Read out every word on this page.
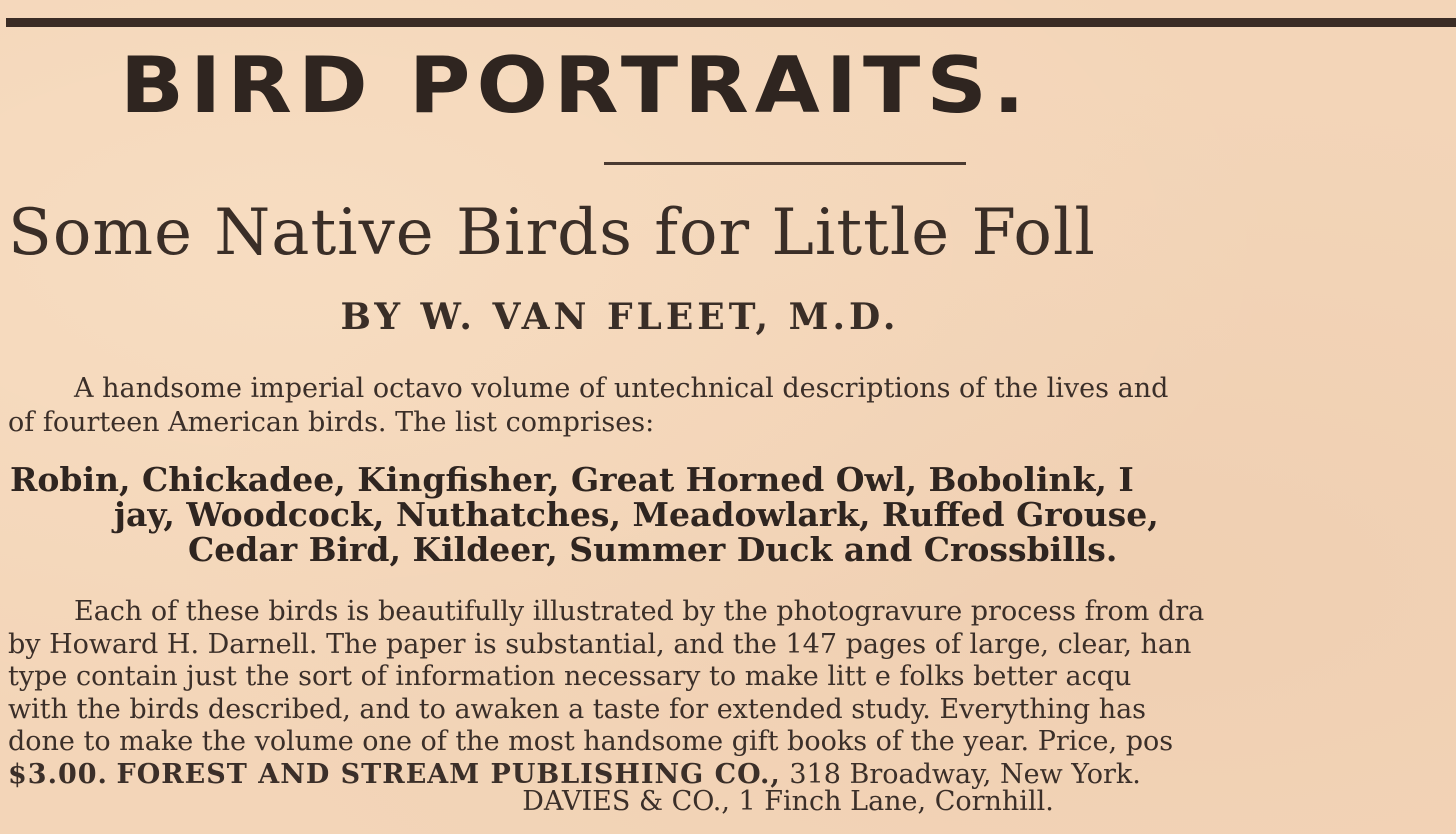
BIRD PORTRAITS.
Some Native Birds for Little Foll
BY W. VAN FLEET, M.D.
A handsome imperial octavo volume of untechnical descriptions of the lives and
of fourteen American birds. The list comprises:
Robin, Chickadee, Kingfisher, Great Horned Owl, Bobolink, I
jay, Woodcock, Nuthatches, Meadowlark, Ruffed Grouse,
Cedar Bird, Kildeer, Summer Duck and Crossbills.
Each of these birds is beautifully illustrated by the photogravure process from dra
by Howard H. Darnell. The paper is substantial, and the 147 pages of large, clear, han
type contain just the sort of information necessary to make litt e folks better acqu
with the birds described, and to awaken a taste for extended study. Everything has
done to make the volume one of the most handsome gift books of the year. Price, pos
$3.00. FOREST AND STREAM PUBLISHING CO., 318 Broadway, New York.
DAVIES & CO., 1 Finch Lane, Cornhill.
